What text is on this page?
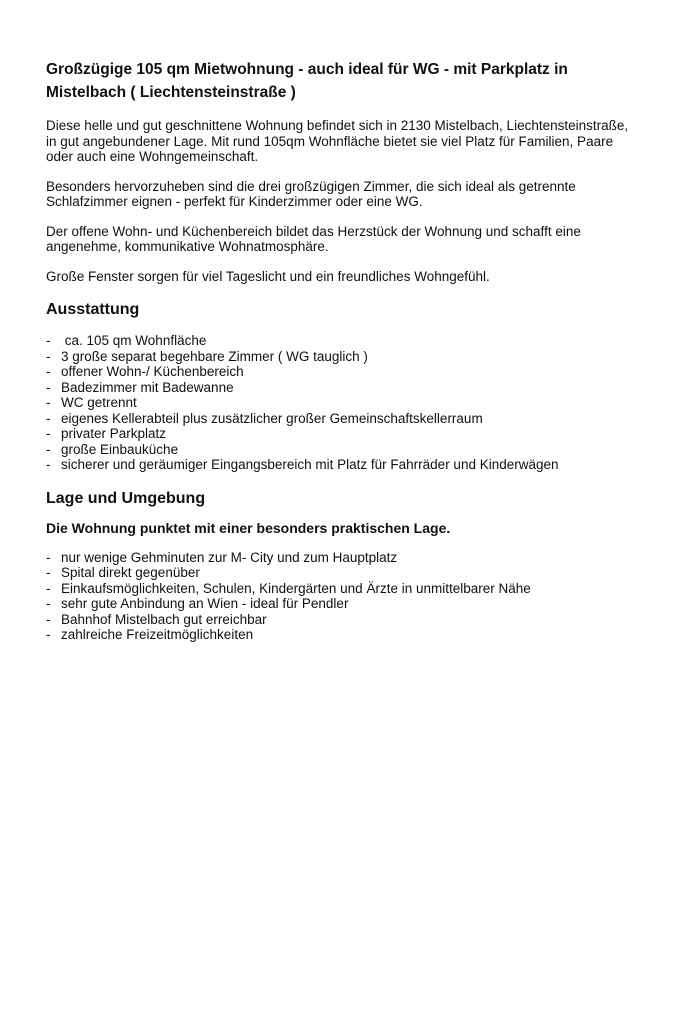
Großzügige 105 qm Mietwohnung - auch ideal für WG - mit Parkplatz in Mistelbach ( Liechtensteinstraße )

Diese helle und gut geschnittene Wohnung befindet sich in 2130 Mistelbach, Liechtensteinstraße, in gut angebundener Lage. Mit rund 105qm Wohnfläche bietet sie viel Platz für Familien, Paare oder auch eine Wohngemeinschaft.

Besonders hervorzuheben sind die drei großzügigen Zimmer, die sich ideal als getrennte Schlafzimmer eignen - perfekt für Kinderzimmer oder eine WG.

Der offene Wohn- und Küchenbereich bildet das Herzstück der Wohnung und schafft eine angenehme, kommunikative Wohnatmosphäre.

Große Fenster sorgen für viel Tageslicht und ein freundliches Wohngefühl.

Ausstattung
- ca. 105 qm Wohnfläche
- 3 große separat begehbare Zimmer ( WG tauglich )
- offener Wohn-/ Küchenbereich
- Badezimmer mit Badewanne
- WC getrennt
- eigenes Kellerabteil plus zusätzlicher großer Gemeinschaftskellerraum
- privater Parkplatz
- große Einbauküche
- sicherer und geräumiger Eingangsbereich mit Platz für Fahrräder und Kinderwägen
Lage und Umgebung

Die Wohnung punktet mit einer besonders praktischen Lage.

- nur wenige Gehminuten zur M- City und zum Hauptplatz
- Spital direkt gegenüber
- Einkaufsmöglichkeiten, Schulen, Kindergärten und Ärzte in unmittelbarer Nähe
- sehr gute Anbindung an Wien - ideal für Pendler
- Bahnhof Mistelbach gut erreichbar
- zahlreiche Freizeitmöglichkeiten
